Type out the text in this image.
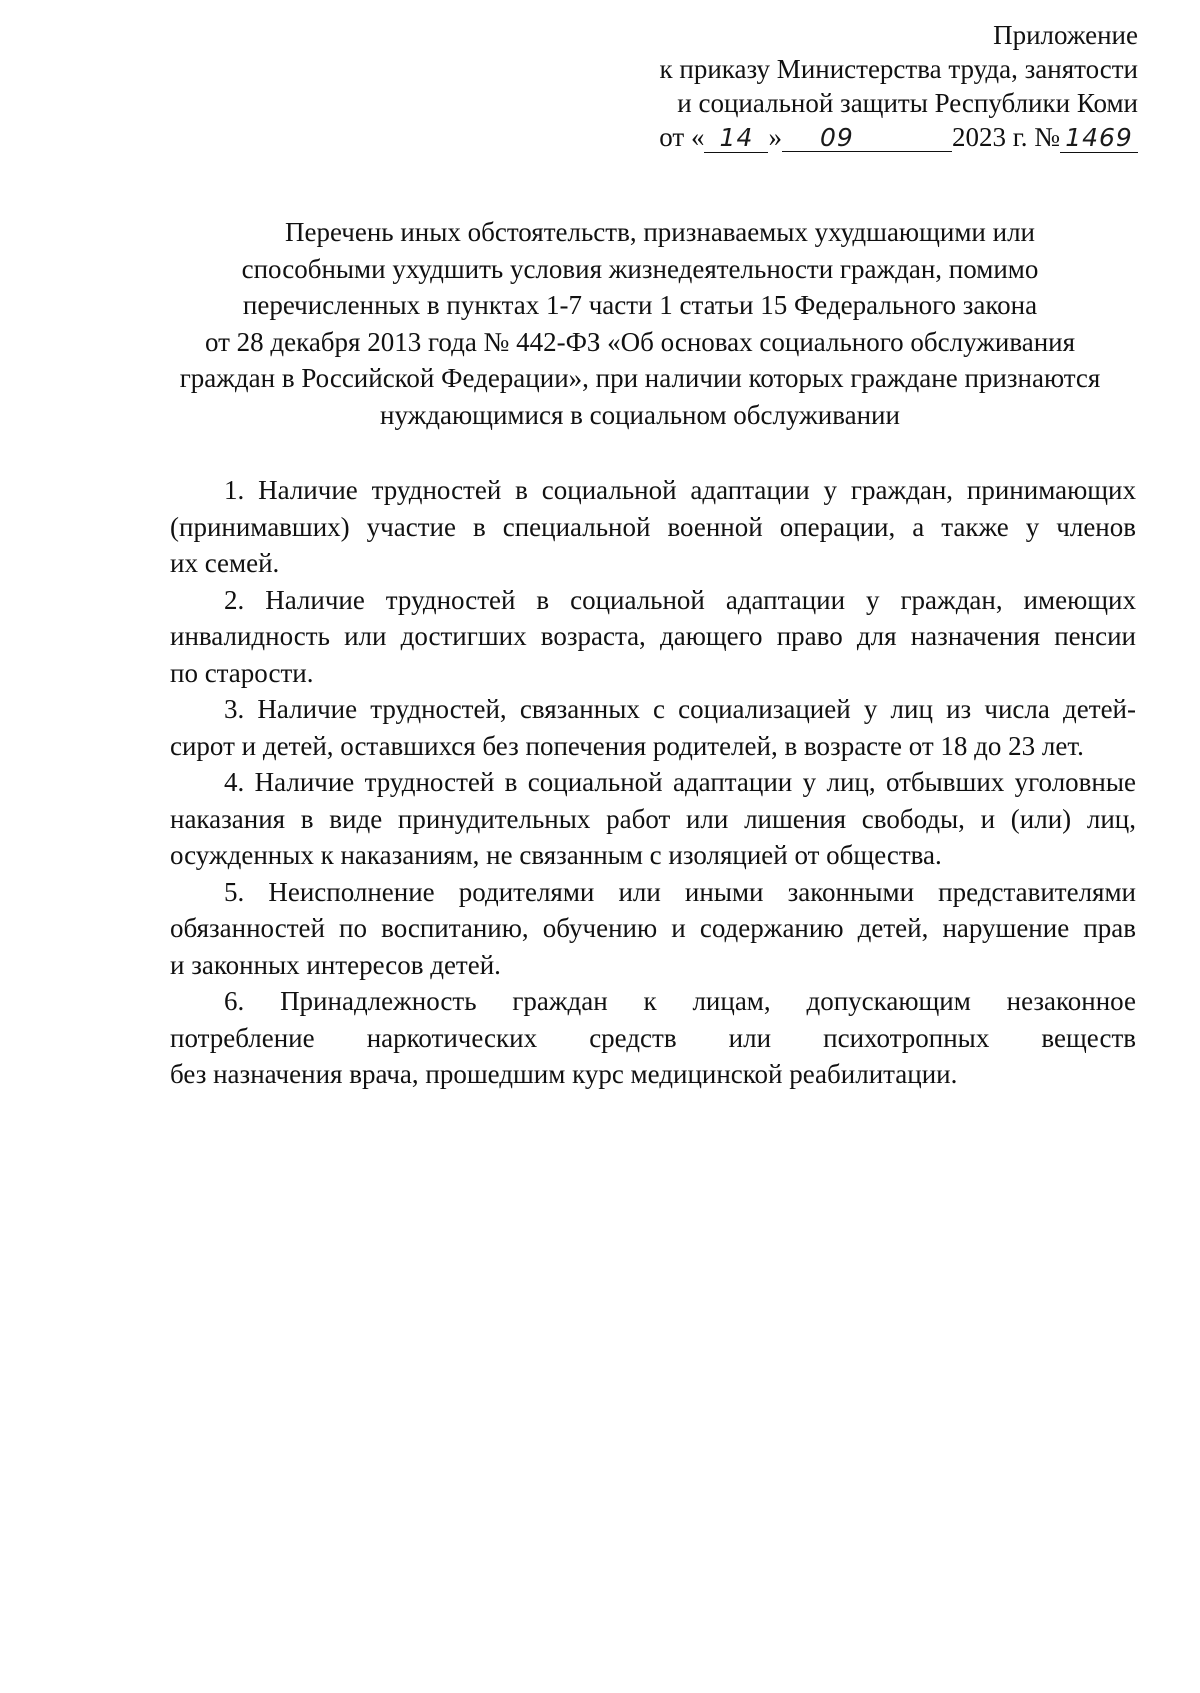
Приложение
к приказу Министерства труда, занятости
и социальной защиты Республики Коми
от « 14 » 09	2023 г. № 1469
Перечень иных обстоятельств, признаваемых ухудшающими или
способными ухудшить условия жизнедеятельности граждан, помимо
перечисленных в пунктах 1-7 части 1 статьи 15 Федерального закона
от 28 декабря 2013 года № 442-ФЗ «Об основах социального обслуживания
граждан в Российской Федерации», при наличии которых граждане признаются
нуждающимися в социальном обслуживании
1. Наличие трудностей в социальной адаптации у граждан, принимающих
(принимавших) участие в специальной военной операции, а также у членов
их семей.
2. Наличие трудностей в социальной адаптации у граждан, имеющих
инвалидность или достигших возраста, дающего право для назначения пенсии
по старости.
3. Наличие трудностей, связанных с социализацией у лиц из числа детей-
сирот и детей, оставшихся без попечения родителей, в возрасте от 18 до 23 лет.
4. Наличие трудностей в социальной адаптации у лиц, отбывших уголовные
наказания в виде принудительных работ или лишения свободы, и (или) лиц,
осужденных к наказаниям, не связанным с изоляцией от общества.
5. Неисполнение родителями или иными законными представителями
обязанностей по воспитанию, обучению и содержанию детей, нарушение прав
и законных интересов детей.
6. Принадлежность граждан к лицам, допускающим незаконное
потребление наркотических средств или психотропных веществ
без назначения врача, прошедшим курс медицинской реабилитации.
